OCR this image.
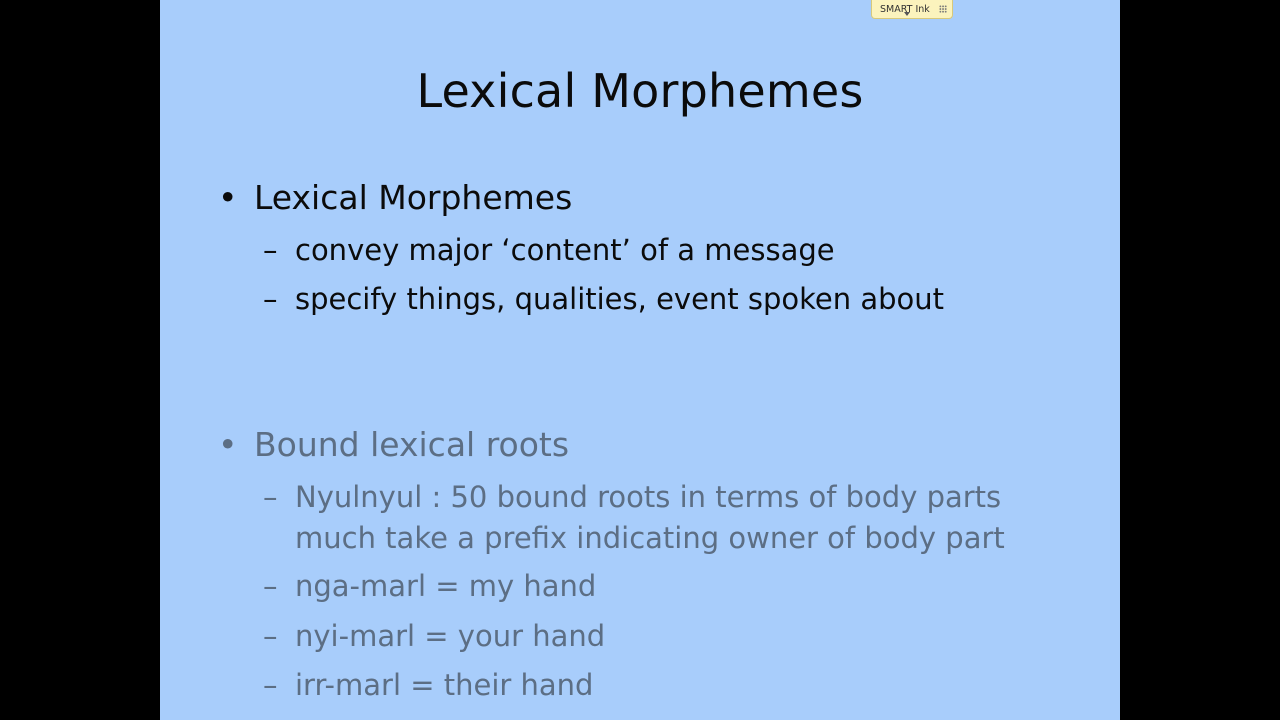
Lexical Morphemes
• Lexical Morphemes
– convey major ‘content’ of a message
– specify things, qualities, event spoken about
• Bound lexical roots
– Nyulnyul : 50 bound roots in terms of body parts
much take a prefix indicating owner of body part
– nga-marl = my hand
– nyi-marl = your hand
– irr-marl = their hand
SMART Ink
